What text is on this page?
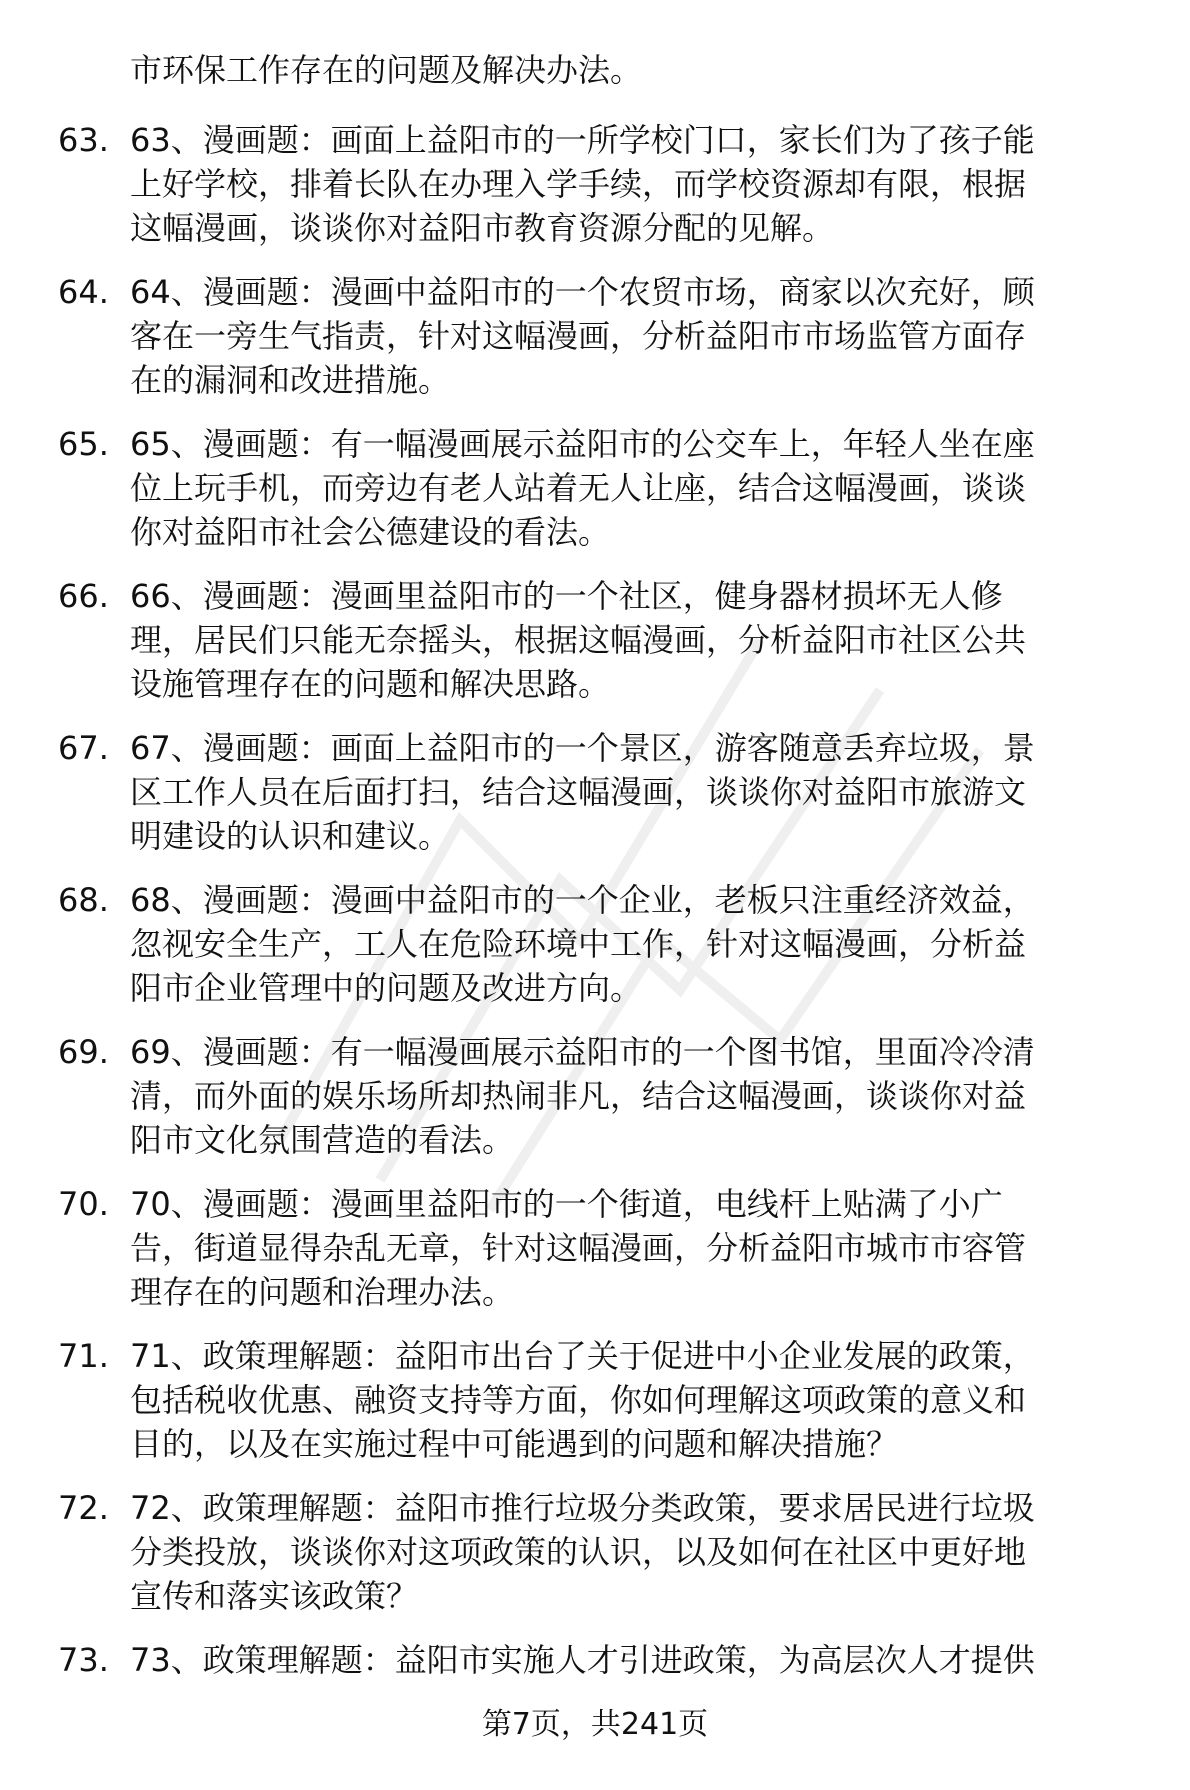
市环保工作存在的问题及解决办法。
63. 63、漫画题：画面上益阳市的一所学校门口，家长们为了孩子能
上好学校，排着长队在办理入学手续，而学校资源却有限，根据
这幅漫画，谈谈你对益阳市教育资源分配的见解。
64. 64、漫画题：漫画中益阳市的一个农贸市场，商家以次充好，顾
客在一旁生气指责，针对这幅漫画，分析益阳市市场监管方面存
在的漏洞和改进措施。
65. 65、漫画题：有一幅漫画展示益阳市的公交车上，年轻人坐在座
位上玩手机，而旁边有老人站着无人让座，结合这幅漫画，谈谈
你对益阳市社会公德建设的看法。
66. 66、漫画题：漫画里益阳市的一个社区，健身器材损坏无人修
理，居民们只能无奈摇头，根据这幅漫画，分析益阳市社区公共
设施管理存在的问题和解决思路。
67. 67、漫画题：画面上益阳市的一个景区，游客随意丢弃垃圾，景
区工作人员在后面打扫，结合这幅漫画，谈谈你对益阳市旅游文
明建设的认识和建议。
68. 68、漫画题：漫画中益阳市的一个企业，老板只注重经济效益，
忽视安全生产，工人在危险环境中工作，针对这幅漫画，分析益
阳市企业管理中的问题及改进方向。
69. 69、漫画题：有一幅漫画展示益阳市的一个图书馆，里面冷冷清
清，而外面的娱乐场所却热闹非凡，结合这幅漫画，谈谈你对益
阳市文化氛围营造的看法。
70. 70、漫画题：漫画里益阳市的一个街道，电线杆上贴满了小广
告，街道显得杂乱无章，针对这幅漫画，分析益阳市城市市容管
理存在的问题和治理办法。
71. 71、政策理解题：益阳市出台了关于促进中小企业发展的政策，
包括税收优惠、融资支持等方面，你如何理解这项政策的意义和
目的，以及在实施过程中可能遇到的问题和解决措施？
72. 72、政策理解题：益阳市推行垃圾分类政策，要求居民进行垃圾
分类投放，谈谈你对这项政策的认识，以及如何在社区中更好地
宣传和落实该政策？
73. 73、政策理解题：益阳市实施人才引进政策，为高层次人才提供
第7页，共241页
